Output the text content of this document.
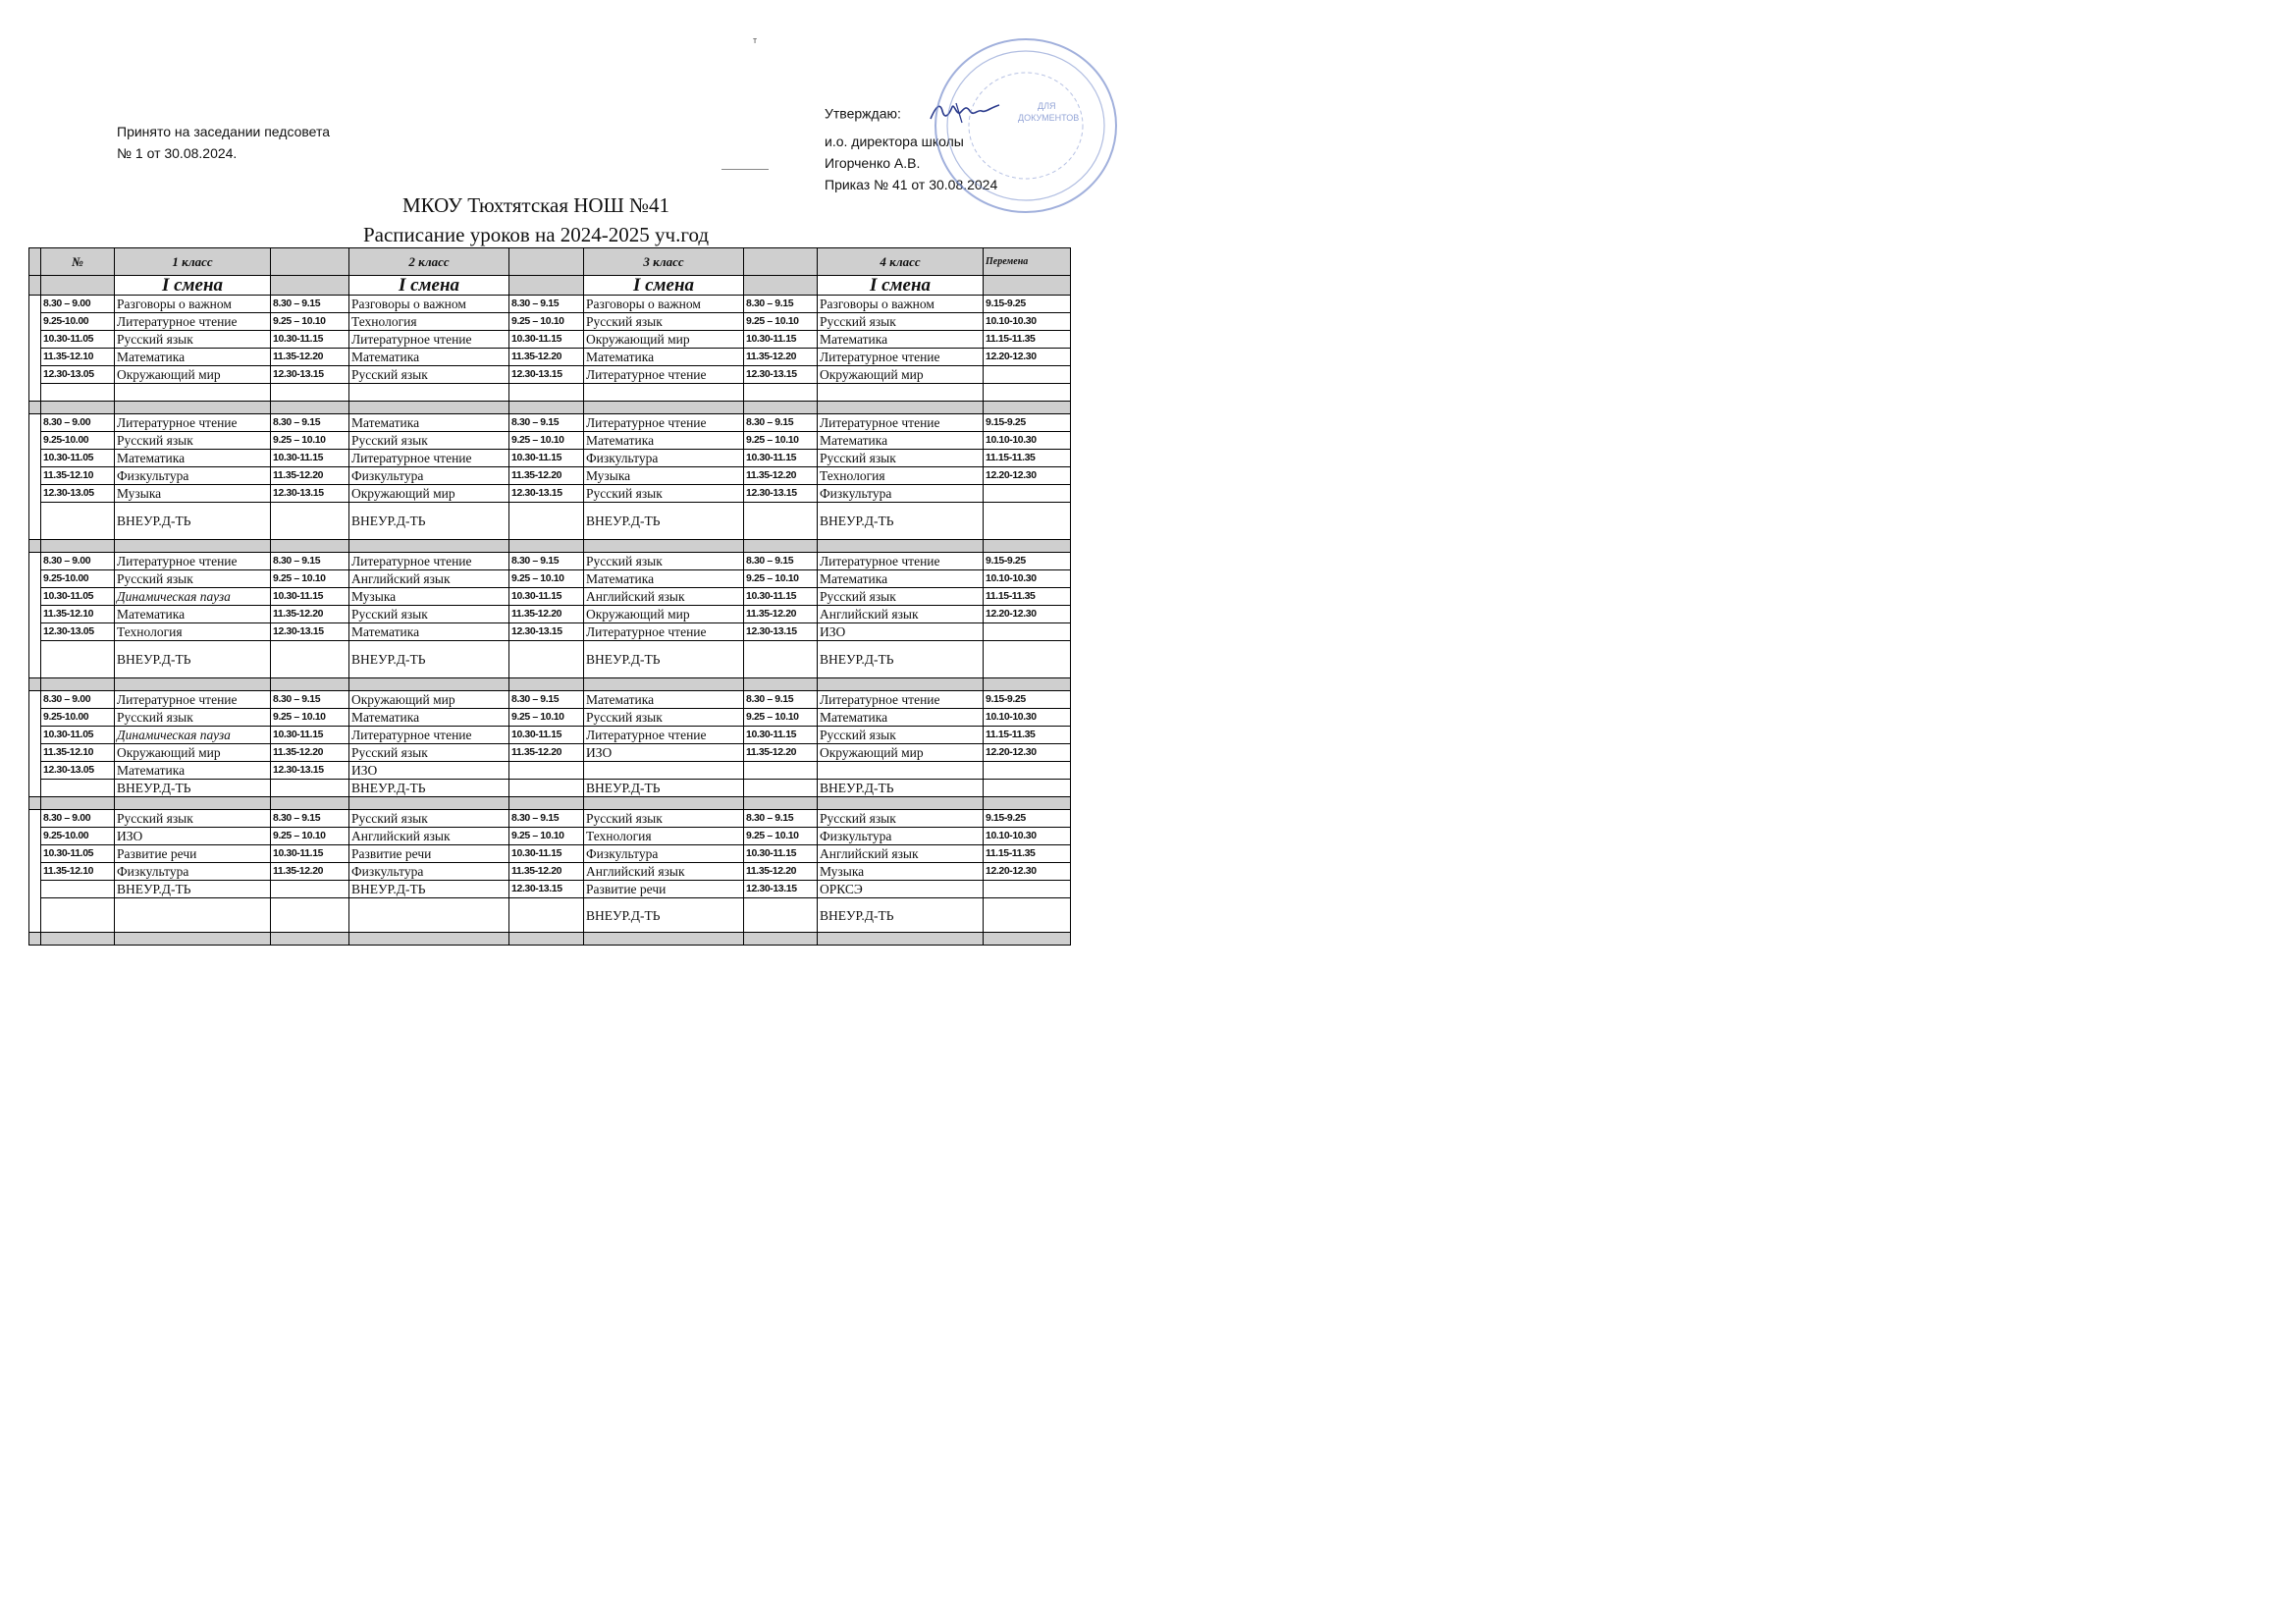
т
Принято на заседании педсовета
№ 1 от 30.08.2024.
Утверждаю:
и.о. директора школы
Игорченко А.В.
Приказ № 41 от 30.08.2024
ДЛЯ
ДОКУМЕНТОВ
МКОУ Тюхтятская НОШ №41
Расписание уроков на 2024-2025 уч.год
	№	1 класс		2 класс		3 класс		4 класс	Перемена
		I смена		I смена		I смена		I смена	
	8.30 – 9.00	Разговоры о важном	8.30 – 9.15	Разговоры о важном	8.30 – 9.15	Разговоры о важном	8.30 – 9.15	Разговоры о важном	9.15-9.25
	9.25-10.00	Литературное чтение	9.25 – 10.10	Технология	9.25 – 10.10	Русский язык	9.25 – 10.10	Русский язык	10.10-10.30
	10.30-11.05	Русский язык	10.30-11.15	Литературное чтение	10.30-11.15	Окружающий мир	10.30-11.15	Математика	11.15-11.35
	11.35-12.10	Математика	11.35-12.20	Математика	11.35-12.20	Математика	11.35-12.20	Литературное чтение	12.20-12.30
	12.30-13.05	Окружающий мир	12.30-13.15	Русский язык	12.30-13.15	Литературное чтение	12.30-13.15	Окружающий мир	

	8.30 – 9.00	Литературное чтение	8.30 – 9.15	Математика	8.30 – 9.15	Литературное чтение	8.30 – 9.15	Литературное чтение	9.15-9.25
	9.25-10.00	Русский язык	9.25 – 10.10	Русский язык	9.25 – 10.10	Математика	9.25 – 10.10	Математика	10.10-10.30
	10.30-11.05	Математика	10.30-11.15	Литературное чтение	10.30-11.15	Физкультура	10.30-11.15	Русский язык	11.15-11.35
	11.35-12.10	Физкультура	11.35-12.20	Физкультура	11.35-12.20	Музыка	11.35-12.20	Технология	12.20-12.30
	12.30-13.05	Музыка	12.30-13.15	Окружающий мир	12.30-13.15	Русский язык	12.30-13.15	Физкультура	
		ВНЕУР.Д-ТЬ		ВНЕУР.Д-ТЬ		ВНЕУР.Д-ТЬ		ВНЕУР.Д-ТЬ	

	8.30 – 9.00	Литературное чтение	8.30 – 9.15	Литературное чтение	8.30 – 9.15	Русский язык	8.30 – 9.15	Литературное чтение	9.15-9.25
	9.25-10.00	Русский язык	9.25 – 10.10	Английский язык	9.25 – 10.10	Математика	9.25 – 10.10	Математика	10.10-10.30
	10.30-11.05	Динамическая пауза	10.30-11.15	Музыка	10.30-11.15	Английский язык	10.30-11.15	Русский язык	11.15-11.35
	11.35-12.10	Математика	11.35-12.20	Русский язык	11.35-12.20	Окружающий мир	11.35-12.20	Английский язык	12.20-12.30
	12.30-13.05	Технология	12.30-13.15	Математика	12.30-13.15	Литературное чтение	12.30-13.15	ИЗО	
		ВНЕУР.Д-ТЬ		ВНЕУР.Д-ТЬ		ВНЕУР.Д-ТЬ		ВНЕУР.Д-ТЬ	

	8.30 – 9.00	Литературное чтение	8.30 – 9.15	Окружающий мир	8.30 – 9.15	Математика	8.30 – 9.15	Литературное чтение	9.15-9.25
	9.25-10.00	Русский язык	9.25 – 10.10	Математика	9.25 – 10.10	Русский язык	9.25 – 10.10	Математика	10.10-10.30
	10.30-11.05	Динамическая пауза	10.30-11.15	Литературное чтение	10.30-11.15	Литературное чтение	10.30-11.15	Русский язык	11.15-11.35
	11.35-12.10	Окружающий мир	11.35-12.20	Русский язык	11.35-12.20	ИЗО	11.35-12.20	Окружающий мир	12.20-12.30
	12.30-13.05	Математика	12.30-13.15	ИЗО					
		ВНЕУР.Д-ТЬ		ВНЕУР.Д-ТЬ		ВНЕУР.Д-ТЬ		ВНЕУР.Д-ТЬ	

	8.30 – 9.00	Русский язык	8.30 – 9.15	Русский язык	8.30 – 9.15	Русский язык	8.30 – 9.15	Русский язык	9.15-9.25
	9.25-10.00	ИЗО	9.25 – 10.10	Английский язык	9.25 – 10.10	Технология	9.25 – 10.10	Физкультура	10.10-10.30
	10.30-11.05	Развитие речи	10.30-11.15	Развитие речи	10.30-11.15	Физкультура	10.30-11.15	Английский язык	11.15-11.35
	11.35-12.10	Физкультура	11.35-12.20	Физкультура	11.35-12.20	Английский язык	11.35-12.20	Музыка	12.20-12.30
		ВНЕУР.Д-ТЬ		ВНЕУР.Д-ТЬ	12.30-13.15	Развитие речи	12.30-13.15	ОРКСЭ	
						ВНЕУР.Д-ТЬ		ВНЕУР.Д-ТЬ	
